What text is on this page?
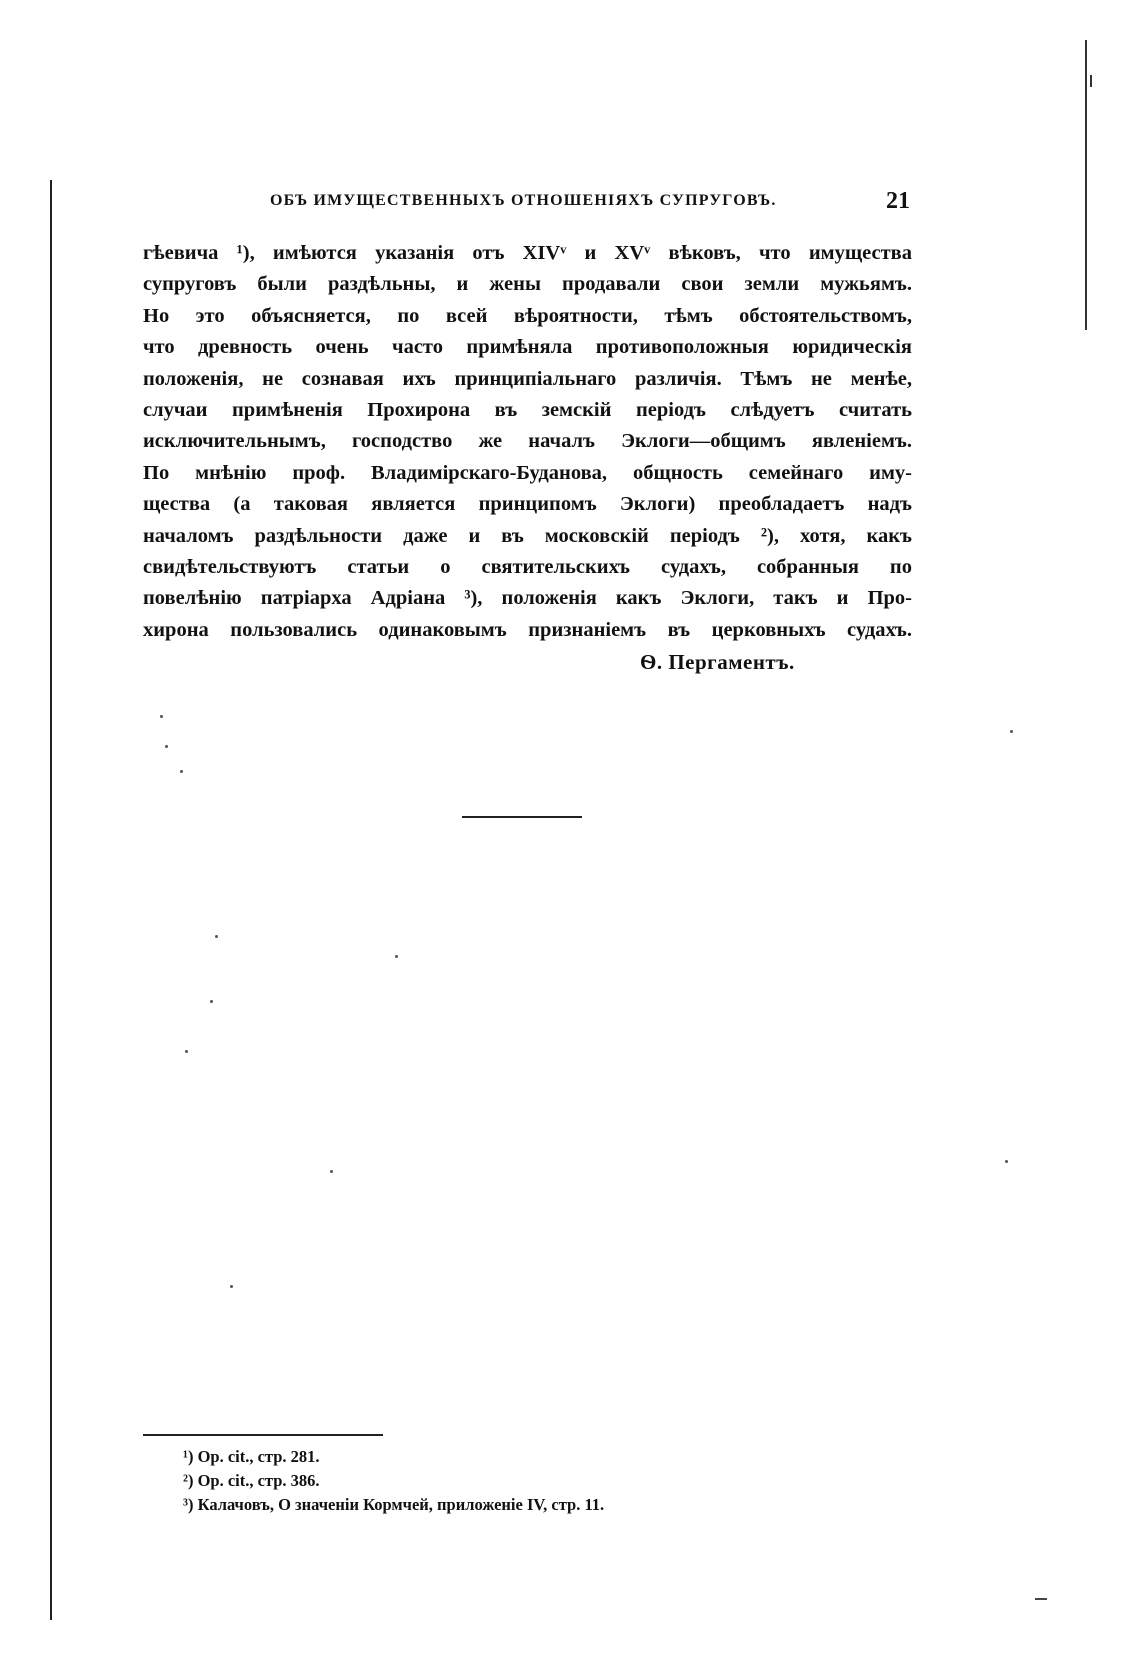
ОБЪ ИМУЩЕСТВЕННЫХЪ ОТНОШЕНІЯХЪ СУПРУГОВЪ.	21
гѣевича ¹), имѣются указанія отъ XIVᵛ и XVᵛ вѣковъ, что имущества
супруговъ были раздѣльны, и жены продавали свои земли мужьямъ.
Но это объясняется, по всей вѣроятности, тѣмъ обстоятельствомъ,
что древность очень часто примѣняла противоположныя юридическія
положенія, не сознавая ихъ принципіальнаго различія. Тѣмъ не менѣе,
случаи примѣненія Прохирона въ земскій періодъ слѣдуетъ считать
исключительнымъ, господство же началъ Эклоги—общимъ явленіемъ.
По мнѣнію проф. Владимірскаго-Буданова, общность семейнаго иму-
щества (а таковая является принципомъ Эклоги) преобладаетъ надъ
началомъ раздѣльности даже и въ московскій періодъ ²), хотя, какъ
свидѣтельствуютъ статьи о святительскихъ судахъ, собранныя по
повелѣнію патріарха Адріана ³), положенія какъ Эклоги, такъ и Про-
хирона пользовались одинаковымъ признаніемъ въ церковныхъ судахъ.
Ѳ. Пергаментъ.
¹) Op. cit., стр. 281.
²) Op. cit., стр. 386.
³) Калачовъ, О значеніи Кормчей, приложеніе IV, стр. 11.
